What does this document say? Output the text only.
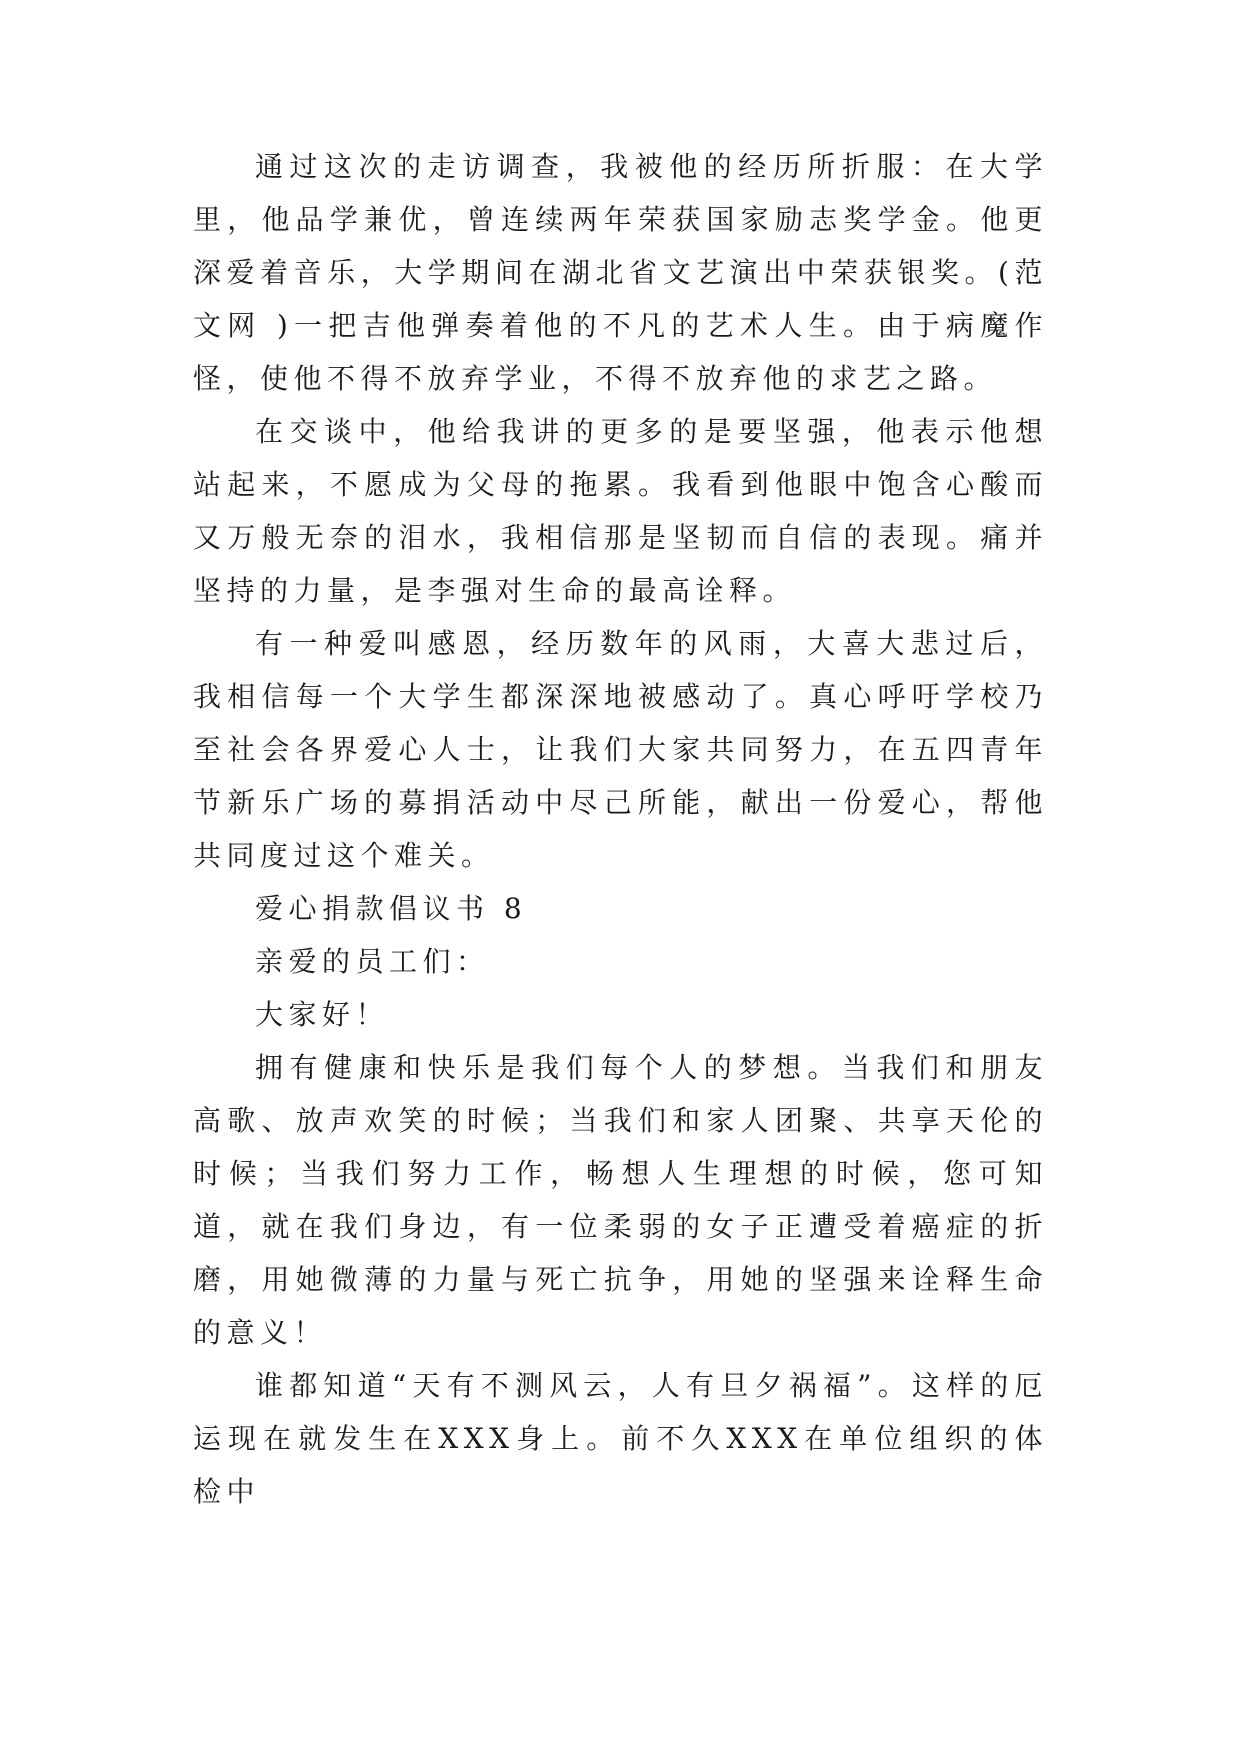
通过这次的走访调查，我被他的经历所折服：在大学里，他品学兼优，曾连续两年荣获国家励志奖学金。他更深爱着音乐，大学期间在湖北省文艺演出中荣获银奖。(范文网 )一把吉他弹奏着他的不凡的艺术人生。由于病魔作怪，使他不得不放弃学业，不得不放弃他的求艺之路。

在交谈中，他给我讲的更多的是要坚强，他表示他想站起来，不愿成为父母的拖累。我看到他眼中饱含心酸而又万般无奈的泪水，我相信那是坚韧而自信的表现。痛并坚持的力量，是李强对生命的最高诠释。

有一种爱叫感恩，经历数年的风雨，大喜大悲过后，我相信每一个大学生都深深地被感动了。真心呼吁学校乃至社会各界爱心人士，让我们大家共同努力，在五四青年节新乐广场的募捐活动中尽己所能，献出一份爱心，帮他共同度过这个难关。

爱心捐款倡议书 8

亲爱的员工们：

大家好！

拥有健康和快乐是我们每个人的梦想。当我们和朋友高歌、放声欢笑的时候；当我们和家人团聚、共享天伦的时候；当我们努力工作，畅想人生理想的时候，您可知道，就在我们身边，有一位柔弱的女子正遭受着癌症的折磨，用她微薄的力量与死亡抗争，用她的坚强来诠释生命的意义！

谁都知道“天有不测风云，人有旦夕祸福”。这样的厄运现在就发生在XXX身上。前不久XXX在单位组织的体检中
